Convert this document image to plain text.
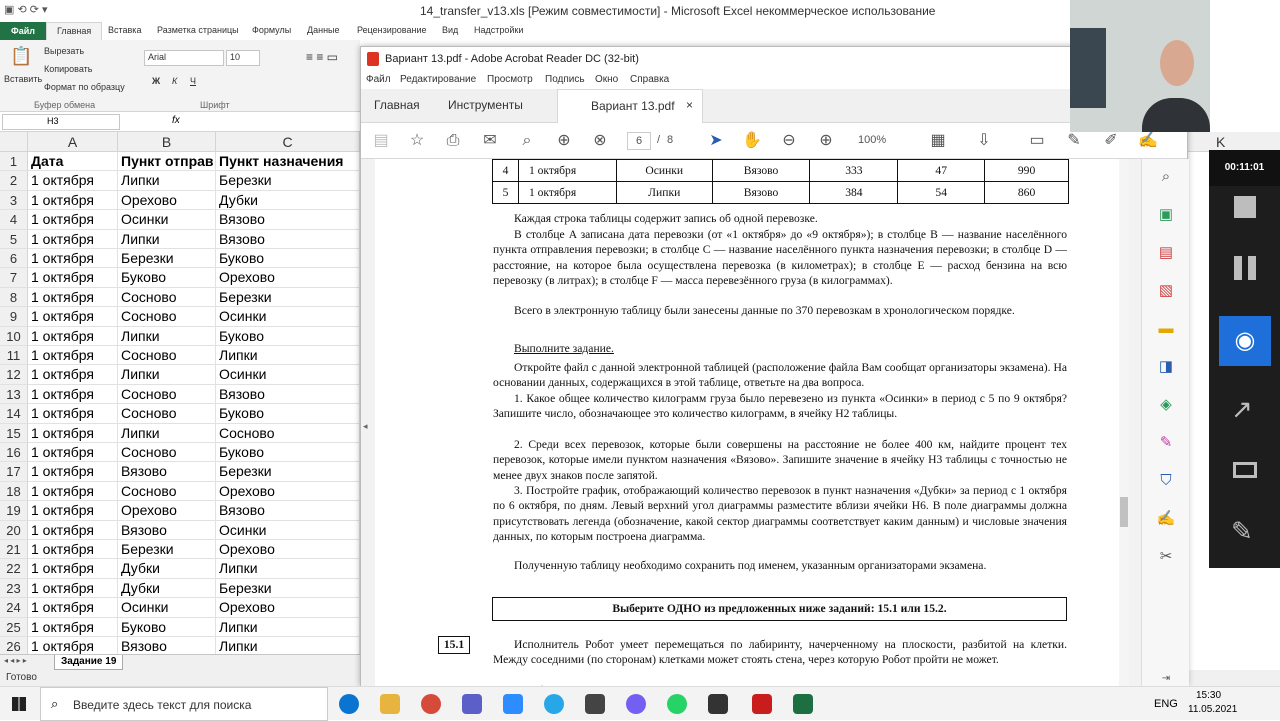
▣ ⟲ ⟳ ▾	14_transfer_v13.xls [Режим совместимости] - Microsoft Excel некоммерческое использование
Файл	Главная	Вставка Разметка страницы Формулы Данные Рецензирование Вид Надстройки
📋
Вставить
Вырезать
Копировать
Формат по образцу
Буфер обмена
Arial	10
Ж К Ч
Шрифт
≡ ≡ ▭
H3	fx
A	B	C
1 Дата	Пункт отправ Пункт назначения
2 1 октября	Липки	Березки
3 1 октября	Орехово	Дубки
4 1 октября	Осинки	Вязово
5 1 октября	Липки	Вязово
6 1 октября	Березки	Буково
7 1 октября	Буково	Орехово
8 1 октября	Сосново	Березки
9 1 октября	Сосново	Осинки
10 1 октября	Липки	Буково
11 1 октября	Сосново	Липки
12 1 октября	Липки	Осинки
13 1 октября	Сосново	Вязово
14 1 октября	Сосново	Буково
15 1 октября	Липки	Сосново
16 1 октября	Сосново	Буково
17 1 октября	Вязово	Березки
18 1 октября	Сосново	Орехово
19 1 октября	Орехово	Вязово
20 1 октября	Вязово	Осинки
21 1 октября	Березки	Орехово
22 1 октября	Дубки	Липки
23 1 октября	Дубки	Березки
24 1 октября	Осинки	Орехово
25 1 октября	Буково	Липки
26 1 октября	Вязово	Липки
◂ ◂ ▸ ▸	Задание 19
Готово
K
Вариант 13.pdf - Adobe Acrobat Reader DC (32-bit)
Файл Редактирование Просмотр Подпись Окно Справка
Главная Инструменты	Вариант 13.pdf ×
▤ ☆ ⎙ ✉	⌕	⊕ ⊗	6	/ 8 ➤ ✋ ⊖ ⊕ 100%	▦ ⇩ ▭ ✎ ✐ ✍
◂
4	1 октября	Осинки	Вязово	333	47	990
5	1 октября	Липки	Вязово	384	54	860

Каждая строка таблицы содержит запись об одной перевозке.

В столбце A записана дата перевозки (от «1 октября» до «9 октября»); в столбце B — название населённого пункта отправления перевозки; в столбце C — название населённого пункта назначения перевозки; в столбце D — расстояние, на которое была осуществлена перевозка (в километрах); в столбце E — расход бензина на всю перевозку (в литрах); в столбце F — масса перевезённого груза (в килограммах).

Всего в электронную таблицу были занесены данные по 370 перевозкам в хронологическом порядке.

Выполните задание.

Откройте файл с данной электронной таблицей (расположение файла Вам сообщат организаторы экзамена). На основании данных, содержащихся в этой таблице, ответьте на два вопроса.

1. Какое общее количество килограмм груза было перевезено из пункта «Осинки» в период с 5 по 9 октября? Запишите число, обозначающее это количество килограмм, в ячейку H2 таблицы.

2. Среди всех перевозок, которые были совершены на расстояние не более 400 км, найдите процент тех перевозок, которые имели пунктом назначения «Вязово». Запишите значение в ячейку H3 таблицы с точностью не менее двух знаков после запятой.

3. Постройте график, отображающий количество перевозок в пункт назначения «Дубки» за период с 1 октября по 6 октября, по дням. Левый верхний угол диаграммы разместите вблизи ячейки H6. В поле диаграммы должна присутствовать легенда (обозначение, какой сектор диаграммы соответствует каким данным) и числовые значения данных, по которым построена диаграмма.

Полученную таблицу необходимо сохранить под именем, указанным организаторами экзамена.

Выберите ОДНО из предложенных ниже заданий: 15.1 или 15.2.
15.1	Исполнитель Робот умеет перемещаться по лабиринту, начерченному на плоскости, разбитой на клетки. Между соседними (по сторонам) клетками может стоять стена, через которую Робот пройти не может.

⌕
▣
▤
▧
▬
◨
◈
✎
⛉
✍
✂
⇥
◉
↗
✎
00:11:01
⌕ Введите здесь текст для поиска	ENG
15:30
11.05.2021
